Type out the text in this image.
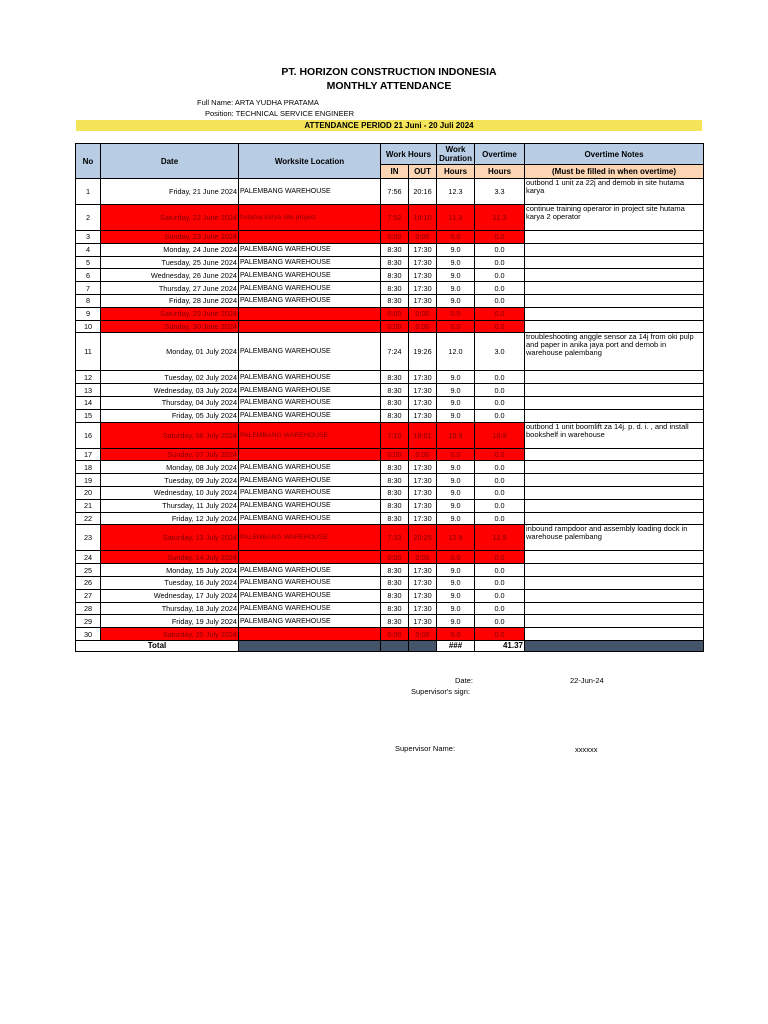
PT. HORIZON CONSTRUCTION INDONESIA
MONTHLY ATTENDANCE
Full Name: ARTA YUDHA PRATAMA
Position: TECHNICAL SERVICE ENGINEER
ATTENDANCE PERIOD 21 Juni - 20 Juli 2024
No	Date	Worksite Location	Work Hours		Work Duration	Overtime	Overtime Notes
			IN	OUT	Hours	Hours	(Must be filled in when overtime)
1	Friday, 21 June 2024	PALEMBANG WAREHOUSE	7:56	20:16	12.3	3.3	outbond 1 unit za 22j and demob in site hutama karya
2	Saturday, 22 June 2024	hutama karya site project	7:52	19:10	11.3	11.3	continue training operaror in project site hutama karya 2 operator
3	Sunday, 23 June 2024		0:00	0:00	0.0	0.0	
4	Monday, 24 June 2024	PALEMBANG WAREHOUSE	8:30	17:30	9.0	0.0	
5	Tuesday, 25 June 2024	PALEMBANG WAREHOUSE	8:30	17:30	9.0	0.0	
6	Wednesday, 26 June 2024	PALEMBANG WAREHOUSE	8:30	17:30	9.0	0.0	
7	Thursday, 27 June 2024	PALEMBANG WAREHOUSE	8:30	17:30	9.0	0.0	
8	Friday, 28 June 2024	PALEMBANG WAREHOUSE	8:30	17:30	9.0	0.0	
9	Saturday, 29 June 2024		0:00	0:00	0.0	0.0	
10	Sunday, 30 June 2024		0:00	0:00	0.0	0.0	
11	Monday, 01 July 2024	PALEMBANG WAREHOUSE	7:24	19:26	12.0	3.0	troubleshooting anggle sensor za 14j from oki pulp and paper in anika jaya port and demob in warehouse palembang
12	Tuesday, 02 July 2024	PALEMBANG WAREHOUSE	8:30	17:30	9.0	0.0	
13	Wednesday, 03 July 2024	PALEMBANG WAREHOUSE	8:30	17:30	9.0	0.0	
14	Thursday, 04 July 2024	PALEMBANG WAREHOUSE	8:30	17:30	9.0	0.0	
15	Friday, 05 July 2024	PALEMBANG WAREHOUSE	8:30	17:30	9.0	0.0	
16	Saturday, 06 July 2024	PALEMBANG WAREHOUSE	7:10	18:01	10.9	10.9	outbond 1 unit boomlift za 14j. p. d. i. , and install bookshelf in warehouse
17	Sunday, 07 July 2024		0:00	0:00	0.0	0.0	
18	Monday, 08 July 2024	PALEMBANG WAREHOUSE	8:30	17:30	9.0	0.0	
19	Tuesday, 09 July 2024	PALEMBANG WAREHOUSE	8:30	17:30	9.0	0.0	
20	Wednesday, 10 July 2024	PALEMBANG WAREHOUSE	8:30	17:30	9.0	0.0	
21	Thursday, 11 July 2024	PALEMBANG WAREHOUSE	8:30	17:30	9.0	0.0	
22	Friday, 12 July 2024	PALEMBANG WAREHOUSE	8:30	17:30	9.0	0.0	
23	Saturday, 13 July 2024	PALEMBANG WAREHOUSE	7:33	20:25	12.9	12.9	inbound rampdoor and assembly loading dock in warehouse palembang
24	Sunday, 14 July 2024		0:00	0:00	0.0	0.0	
25	Monday, 15 July 2024	PALEMBANG WAREHOUSE	8:30	17:30	9.0	0.0	
26	Tuesday, 16 July 2024	PALEMBANG WAREHOUSE	8:30	17:30	9.0	0.0	
27	Wednesday, 17 July 2024	PALEMBANG WAREHOUSE	8:30	17:30	9.0	0.0	
28	Thursday, 18 July 2024	PALEMBANG WAREHOUSE	8:30	17:30	9.0	0.0	
29	Friday, 19 July 2024	PALEMBANG WAREHOUSE	8:30	17:30	9.0	0.0	
30	Saturday, 20 July 2024		0:00	0:00	0.0	0.0	
Total					###	41.37	
Date:	22-Jun-24
Supervisor's sign:
Supervisor Name:	xxxxxx
